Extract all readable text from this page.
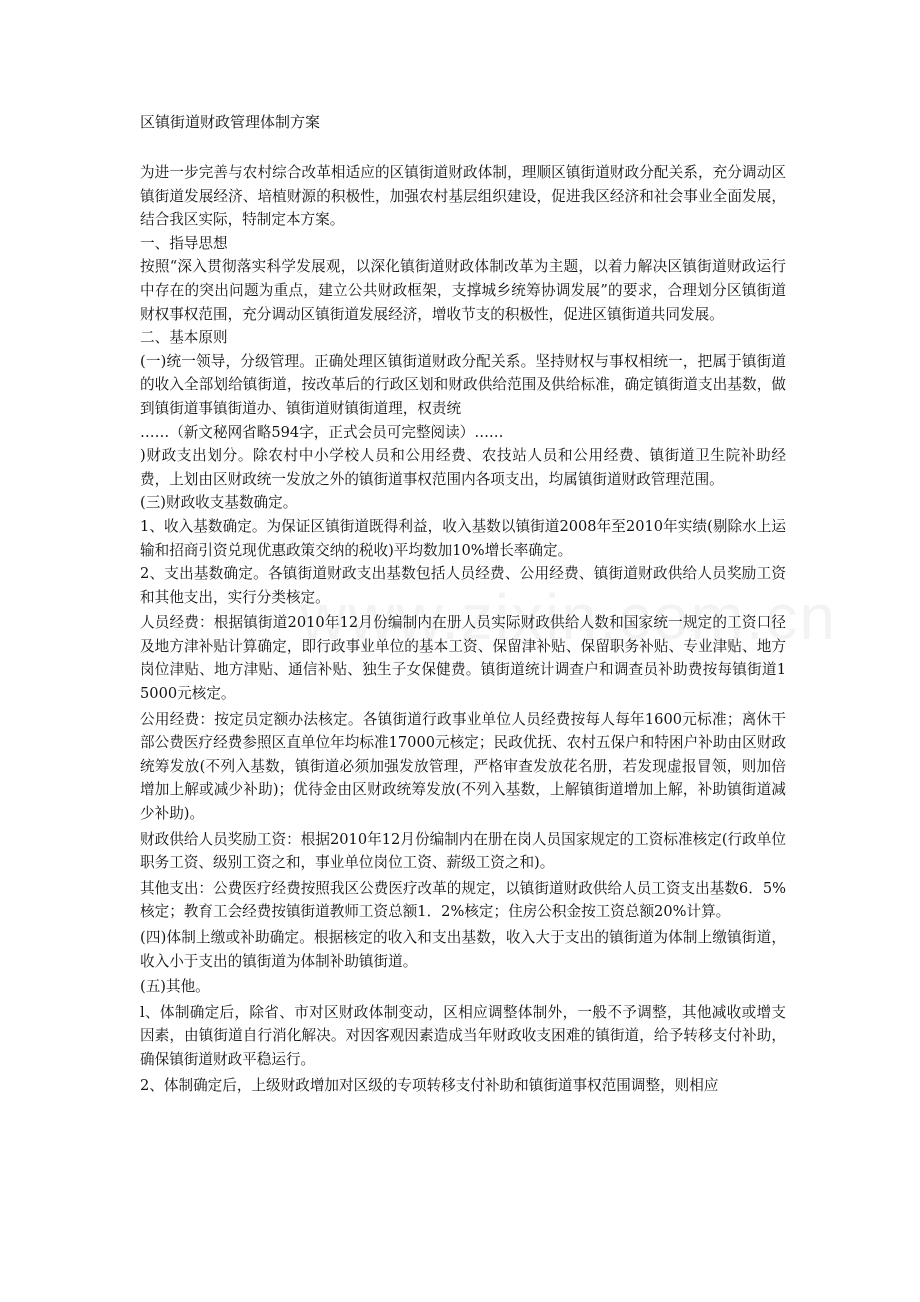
区镇街道财政管理体制方案

为进一步完善与农村综合改革相适应的区镇街道财政体制，理顺区镇街道财政分配关系，充分调动区镇街道发展经济、培植财源的积极性，加强农村基层组织建设，促进我区经济和社会事业全面发展，结合我区实际，特制定本方案。

一、指导思想

按照“深入贯彻落实科学发展观，以深化镇街道财政体制改革为主题，以着力解决区镇街道财政运行中存在的突出问题为重点，建立公共财政框架，支撑城乡统筹协调发展”的要求，合理划分区镇街道财权事权范围，充分调动区镇街道发展经济，增收节支的积极性，促进区镇街道共同发展。

二、基本原则

(一)统一领导，分级管理。正确处理区镇街道财政分配关系。坚持财权与事权相统一，把属于镇街道的收入全部划给镇街道，按改革后的行政区划和财政供给范围及供给标准，确定镇街道支出基数，做到镇街道事镇街道办、镇街道财镇街道理，权责统

……（新文秘网省略594字，正式会员可完整阅读）……

)财政支出划分。除农村中小学校人员和公用经费、农技站人员和公用经费、镇街道卫生院补助经费，上划由区财政统一发放之外的镇街道事权范围内各项支出，均属镇街道财政管理范围。

(三)财政收支基数确定。

1、收入基数确定。为保证区镇街道既得利益，收入基数以镇街道2008年至2010年实绩(剔除水上运输和招商引资兑现优惠政策交纳的税收)平均数加10%增长率确定。

2、支出基数确定。各镇街道财政支出基数包括人员经费、公用经费、镇街道财政供给人员奖励工资和其他支出，实行分类核定。

人员经费：根据镇街道2010年12月份编制内在册人员实际财政供给人数和国家统一规定的工资口径及地方津补贴计算确定，即行政事业单位的基本工资、保留津补贴、保留职务补贴、专业津贴、地方岗位津贴、地方津贴、通信补贴、独生子女保健费。镇街道统计调查户和调查员补助费按每镇街道15000元核定。

公用经费：按定员定额办法核定。各镇街道行政事业单位人员经费按每人每年1600元标准；离休干部公费医疗经费参照区直单位年均标准17000元核定；民政优抚、农村五保户和特困户补助由区财政统筹发放(不列入基数，镇街道必须加强发放管理，严格审查发放花名册，若发现虚报冒领，则加倍增加上解或减少补助)；优待金由区财政统筹发放(不列入基数，上解镇街道增加上解，补助镇街道减少补助)。

财政供给人员奖励工资：根据2010年12月份编制内在册在岗人员国家规定的工资标准核定(行政单位职务工资、级别工资之和，事业单位岗位工资、薪级工资之和)。

其他支出：公费医疗经费按照我区公费医疗改革的规定，以镇街道财政供给人员工资支出基数6．5%核定；教育工会经费按镇街道教师工资总额1．2%核定；住房公积金按工资总额20%计算。

(四)体制上缴或补助确定。根据核定的收入和支出基数，收入大于支出的镇街道为体制上缴镇街道，收入小于支出的镇街道为体制补助镇街道。

(五)其他。

l、体制确定后，除省、市对区财政体制变动，区相应调整体制外，一般不予调整，其他减收或增支因素，由镇街道自行消化解决。对因客观因素造成当年财政收支困难的镇街道，给予转移支付补助，确保镇街道财政平稳运行。

2、体制确定后，上级财政增加对区级的专项转移支付补助和镇街道事权范围调整，则相应
